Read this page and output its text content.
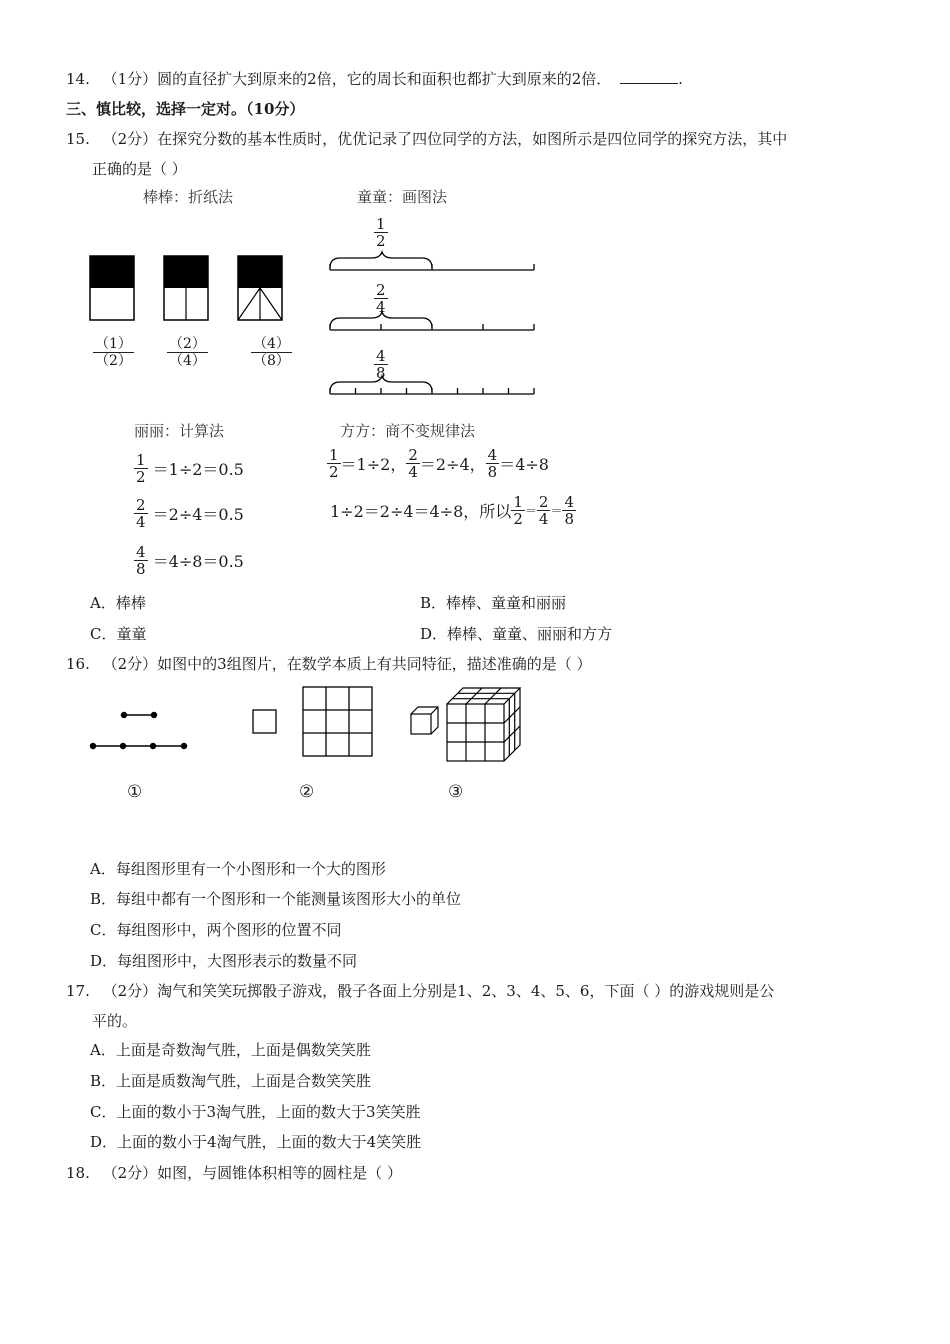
14. （1分）圆的直径扩大到原来的2倍，它的周长和面积也都扩大到原来的2倍．	.
三、慎比较，选择一定对。（10分）
15. （2分）在探究分数的基本性质时，优优记录了四位同学的方法，如图所示是四位同学的探究方法，其中
正确的是（ ）
棒棒：折纸法	童童：画图法
$\frac{(1)}{(2)} \frac{(2)}{(4)}$	$\frac{(4)}{(8)}$
$\frac{1}{2}$
$\frac{2}{4}$
$\frac{4}{8}$
丽丽：计算法	方方：商不变规律法
$\frac{1}{2} =1\div 2=0.5$
$\frac{2}{4} =2\div 4=0.5$
$\frac{4}{8} =4\div 8=0.5$
$\frac{1}{2} =1\div 2$， $\frac{2}{4} =2\div 4$， $\frac{4}{8} =4\div 8$
1÷2＝2÷4＝4÷8，所以 $\frac{1}{2} = \frac{2}{4} = \frac{4}{8}$
A．棒棒	B．棒棒、童童和丽丽
C．童童	D．棒棒、童童、丽丽和方方
16. （2分）如图中的3组图片，在数学本质上有共同特征，描述准确的是（ ）
①	②	③
A．每组图形里有一个小图形和一个大的图形
B．每组中都有一个图形和一个能测量该图形大小的单位
C．每组图形中，两个图形的位置不同
D．每组图形中，大图形表示的数量不同
17. （2分）淘气和笑笑玩掷骰子游戏，骰子各面上分别是1、2、3、4、5、6，下面（ ）的游戏规则是公
平的。
A．上面是奇数淘气胜，上面是偶数笑笑胜
B．上面是质数淘气胜，上面是合数笑笑胜
C．上面的数小于3淘气胜，上面的数大于3笑笑胜
D．上面的数小于4淘气胜，上面的数大于4笑笑胜
18. （2分）如图，与圆锥体积相等的圆柱是（ ）
